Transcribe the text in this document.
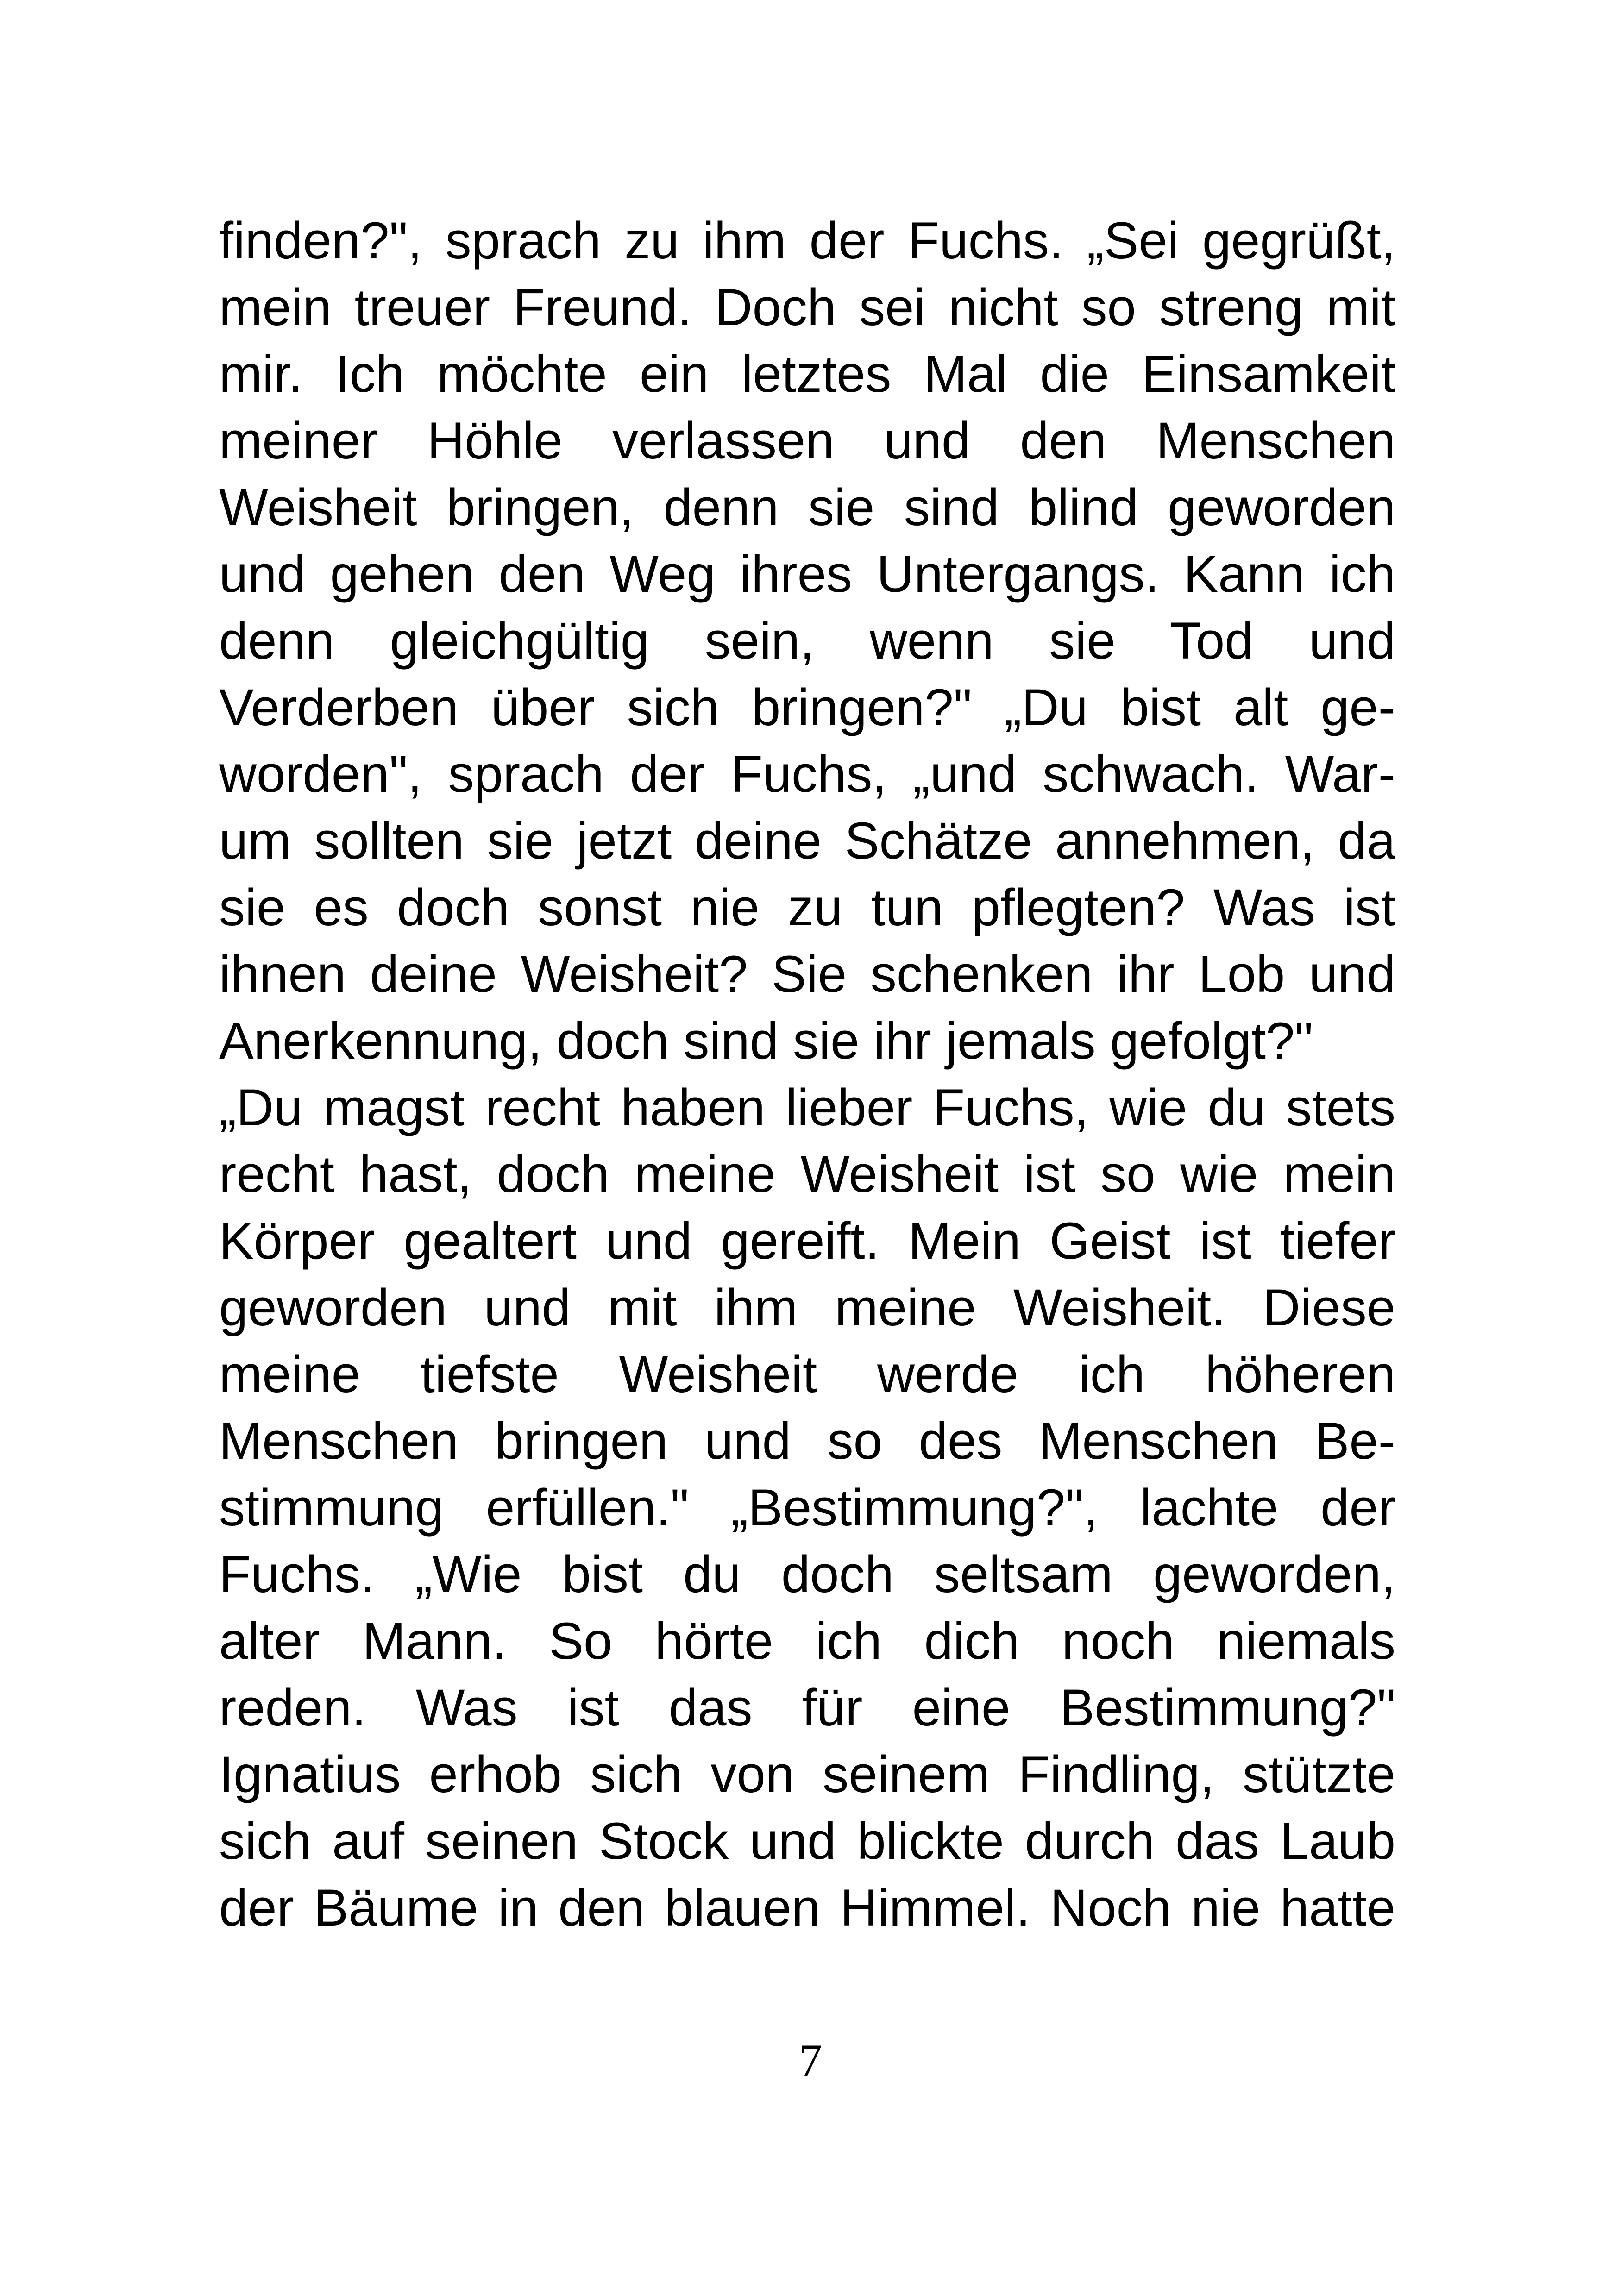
finden?", sprach zu ihm der Fuchs. „Sei gegrüßt,
mein treuer Freund. Doch sei nicht so streng mit
mir. Ich möchte ein letztes Mal die Einsamkeit
meiner Höhle verlassen und den Menschen
Weisheit bringen, denn sie sind blind geworden
und gehen den Weg ihres Untergangs. Kann ich
denn gleichgültig sein, wenn sie Tod und
Verderben über sich bringen?" „Du bist alt ge-
worden", sprach der Fuchs, „und schwach. War-
um sollten sie jetzt deine Schätze annehmen, da
sie es doch sonst nie zu tun pflegten? Was ist
ihnen deine Weisheit? Sie schenken ihr Lob und
Anerkennung, doch sind sie ihr jemals gefolgt?"
„Du magst recht haben lieber Fuchs, wie du stets
recht hast, doch meine Weisheit ist so wie mein
Körper gealtert und gereift. Mein Geist ist tiefer
geworden und mit ihm meine Weisheit. Diese
meine tiefste Weisheit werde ich höheren
Menschen bringen und so des Menschen Be-
stimmung erfüllen." „Bestimmung?", lachte der
Fuchs. „Wie bist du doch seltsam geworden,
alter Mann. So hörte ich dich noch niemals
reden. Was ist das für eine Bestimmung?"
Ignatius erhob sich von seinem Findling, stützte
sich auf seinen Stock und blickte durch das Laub
der Bäume in den blauen Himmel. Noch nie hatte
7
